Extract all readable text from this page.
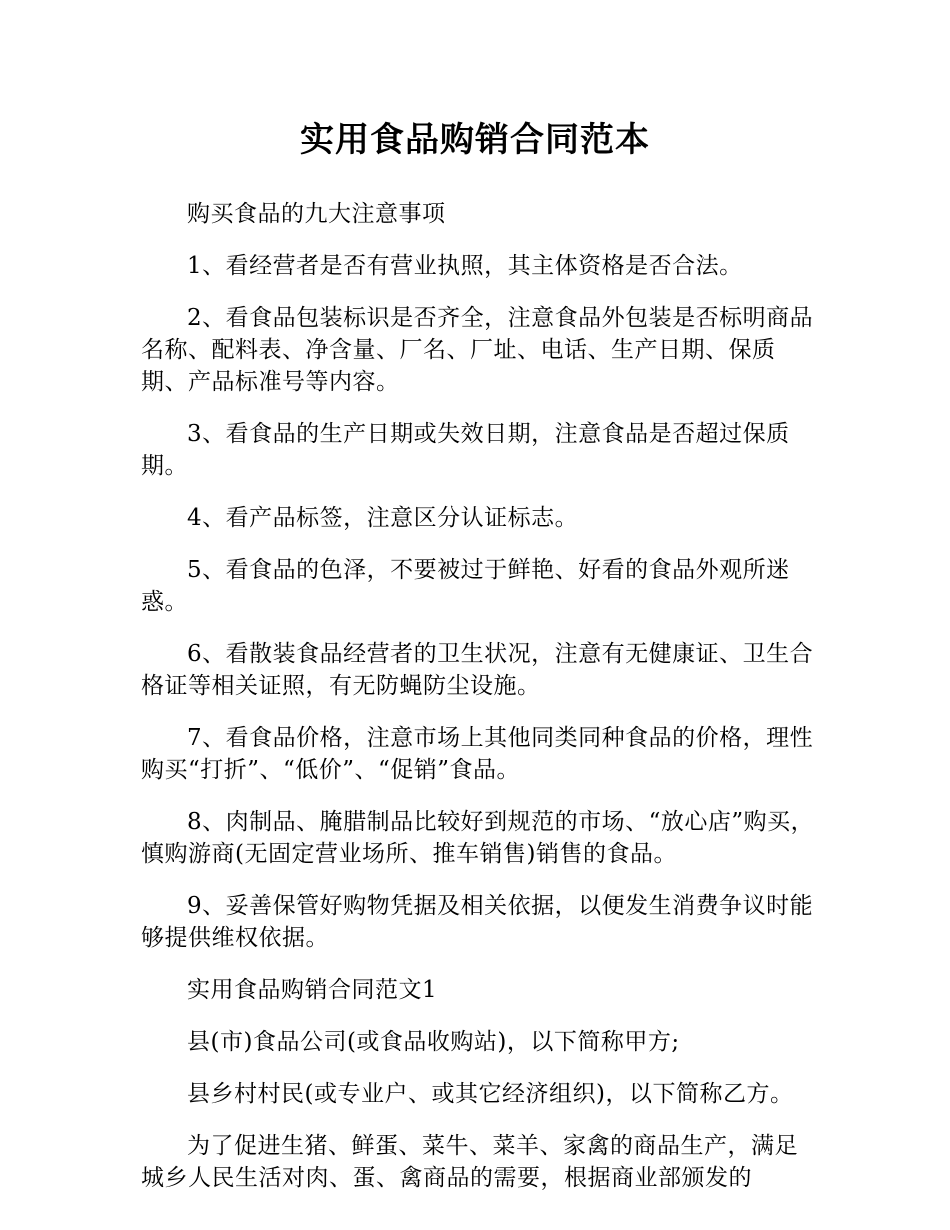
实用食品购销合同范本

购买食品的九大注意事项

1、看经营者是否有营业执照，其主体资格是否合法。

2、看食品包装标识是否齐全，注意食品外包装是否标明商品名称、配料表、净含量、厂名、厂址、电话、生产日期、保质期、产品标准号等内容。

3、看食品的生产日期或失效日期，注意食品是否超过保质期。

4、看产品标签，注意区分认证标志。

5、看食品的色泽，不要被过于鲜艳、好看的食品外观所迷惑。

6、看散装食品经营者的卫生状况，注意有无健康证、卫生合格证等相关证照，有无防蝇防尘设施。

7、看食品价格，注意市场上其他同类同种食品的价格，理性购买“打折”、“低价”、“促销”食品。

8、肉制品、腌腊制品比较好到规范的市场、“放心店”购买，慎购游商(无固定营业场所、推车销售)销售的食品。

9、妥善保管好购物凭据及相关依据，以便发生消费争议时能够提供维权依据。

实用食品购销合同范文1

县(市)食品公司(或食品收购站)，以下简称甲方;

县乡村村民(或专业户、或其它经济组织)，以下简称乙方。

为了促进生猪、鲜蛋、菜牛、菜羊、家禽的商品生产，满足城乡人民生活对肉、蛋、禽商品的需要，根据商业部颁发的
